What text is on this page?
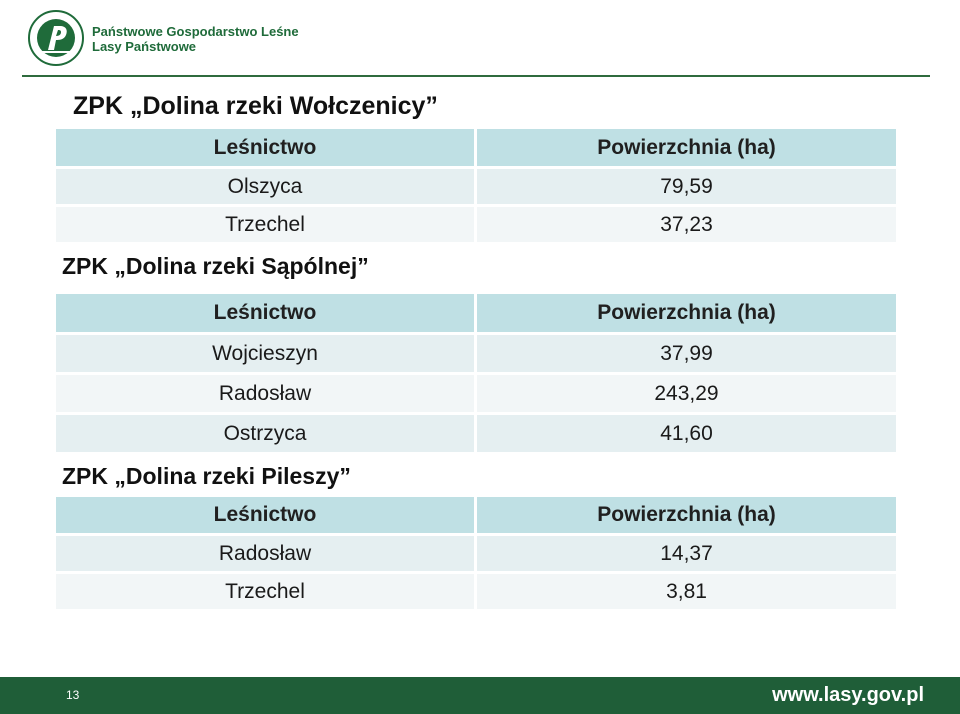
Państwowe Gospodarstwo Leśne
Lasy Państwowe
ZPK „Dolina rzeki Wołczenicy”
Leśnictwo	Powierzchnia (ha)
Olszyca	79,59
Trzechel	37,23
ZPK „Dolina rzeki Sąpólnej”
Leśnictwo	Powierzchnia (ha)
Wojcieszyn	37,99
Radosław	243,29
Ostrzyca	41,60
ZPK „Dolina rzeki Pileszy”
Leśnictwo	Powierzchnia (ha)
Radosław	14,37
Trzechel	3,81
13	www.lasy.gov.pl
